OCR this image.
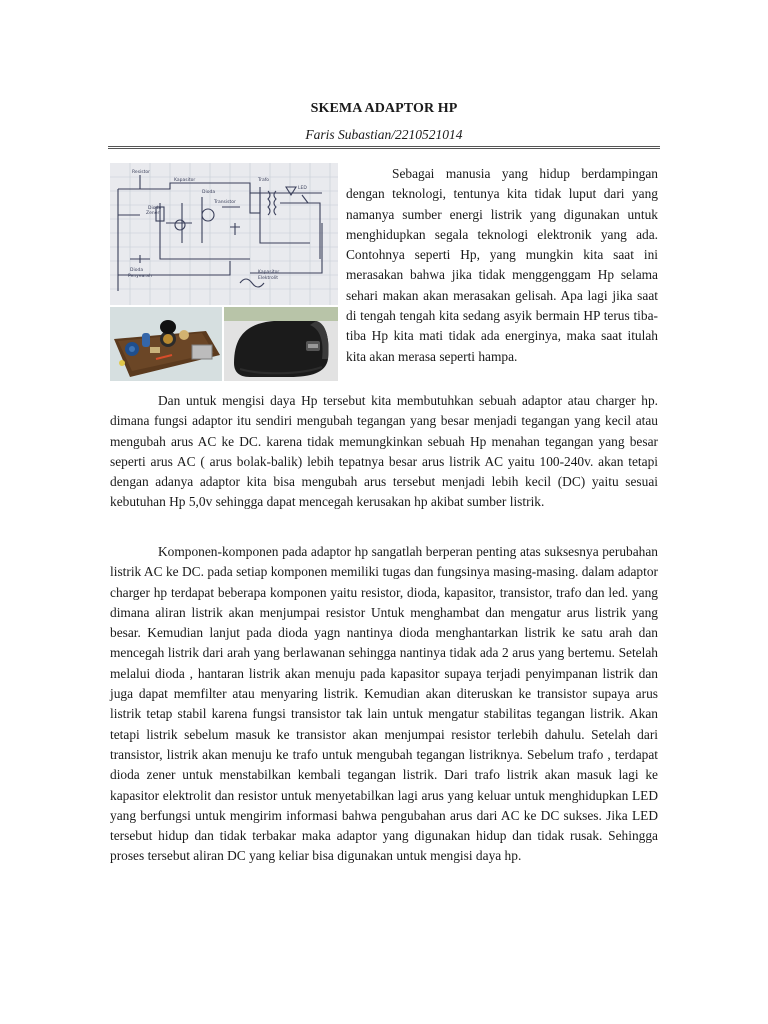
SKEMA ADAPTOR HP
Faris Subastian/2210521014
Resistor
Kapasitor
Dioda
Transistor
Trafo
LED
Dioda
Zener
Kapasitor
Elektrolit
Dioda
Penyearah
Sebagai manusia yang hidup berdampingan dengan teknologi, tentunya kita tidak luput dari yang namanya sumber energi listrik yang digunakan untuk menghidupkan segala teknologi elektronik yang ada. Contohnya seperti Hp, yang mungkin kita saat ini merasakan bahwa jika tidak menggenggam Hp selama sehari makan akan merasakan gelisah. Apa lagi jika saat di tengah tengah kita sedang asyik bermain HP terus tiba-tiba Hp kita mati tidak ada energinya, maka saat itulah kita akan merasa seperti hampa.
Dan untuk mengisi daya Hp tersebut kita membutuhkan sebuah adaptor atau charger hp. dimana fungsi adaptor itu sendiri mengubah tegangan yang besar menjadi tegangan yang kecil atau mengubah arus AC ke DC. karena tidak memungkinkan sebuah Hp menahan tegangan yang besar seperti arus AC ( arus bolak-balik) lebih tepatnya besar arus listrik AC yaitu 100-240v. akan tetapi dengan adanya adaptor kita bisa mengubah arus tersebut menjadi lebih kecil (DC) yaitu sesuai kebutuhan Hp 5,0v sehingga dapat mencegah kerusakan hp akibat sumber listrik.
Komponen-komponen pada adaptor hp sangatlah berperan penting atas suksesnya perubahan listrik AC ke DC. pada setiap komponen memiliki tugas dan fungsinya masing-masing. dalam adaptor charger hp terdapat beberapa komponen yaitu resistor, dioda, kapasitor, transistor, trafo dan led. yang dimana aliran listrik akan menjumpai resistor Untuk menghambat dan mengatur arus listrik yang besar. Kemudian lanjut pada dioda yagn nantinya dioda menghantarkan listrik ke satu arah dan mencegah listrik dari arah yang berlawanan sehingga nantinya tidak ada 2 arus yang bertemu. Setelah melalui dioda , hantaran listrik akan menuju pada kapasitor supaya terjadi penyimpanan listrik dan juga dapat memfilter atau menyaring listrik. Kemudian akan diteruskan ke transistor supaya arus listrik tetap stabil karena fungsi transistor tak lain untuk mengatur stabilitas tegangan listrik. Akan tetapi listrik sebelum masuk ke transistor akan menjumpai resistor terlebih dahulu. Setelah dari transistor, listrik akan menuju ke trafo untuk mengubah tegangan listriknya. Sebelum trafo , terdapat dioda zener untuk menstabilkan kembali tegangan listrik. Dari trafo listrik akan masuk lagi ke kapasitor elektrolit dan resistor untuk menyetabilkan lagi arus yang keluar untuk menghidupkan LED yang berfungsi untuk mengirim informasi bahwa pengubahan arus dari AC ke DC sukses. Jika LED tersebut hidup dan tidak terbakar maka adaptor yang digunakan hidup dan tidak rusak. Sehingga proses tersebut aliran DC yang keliar bisa digunakan untuk mengisi daya hp.
